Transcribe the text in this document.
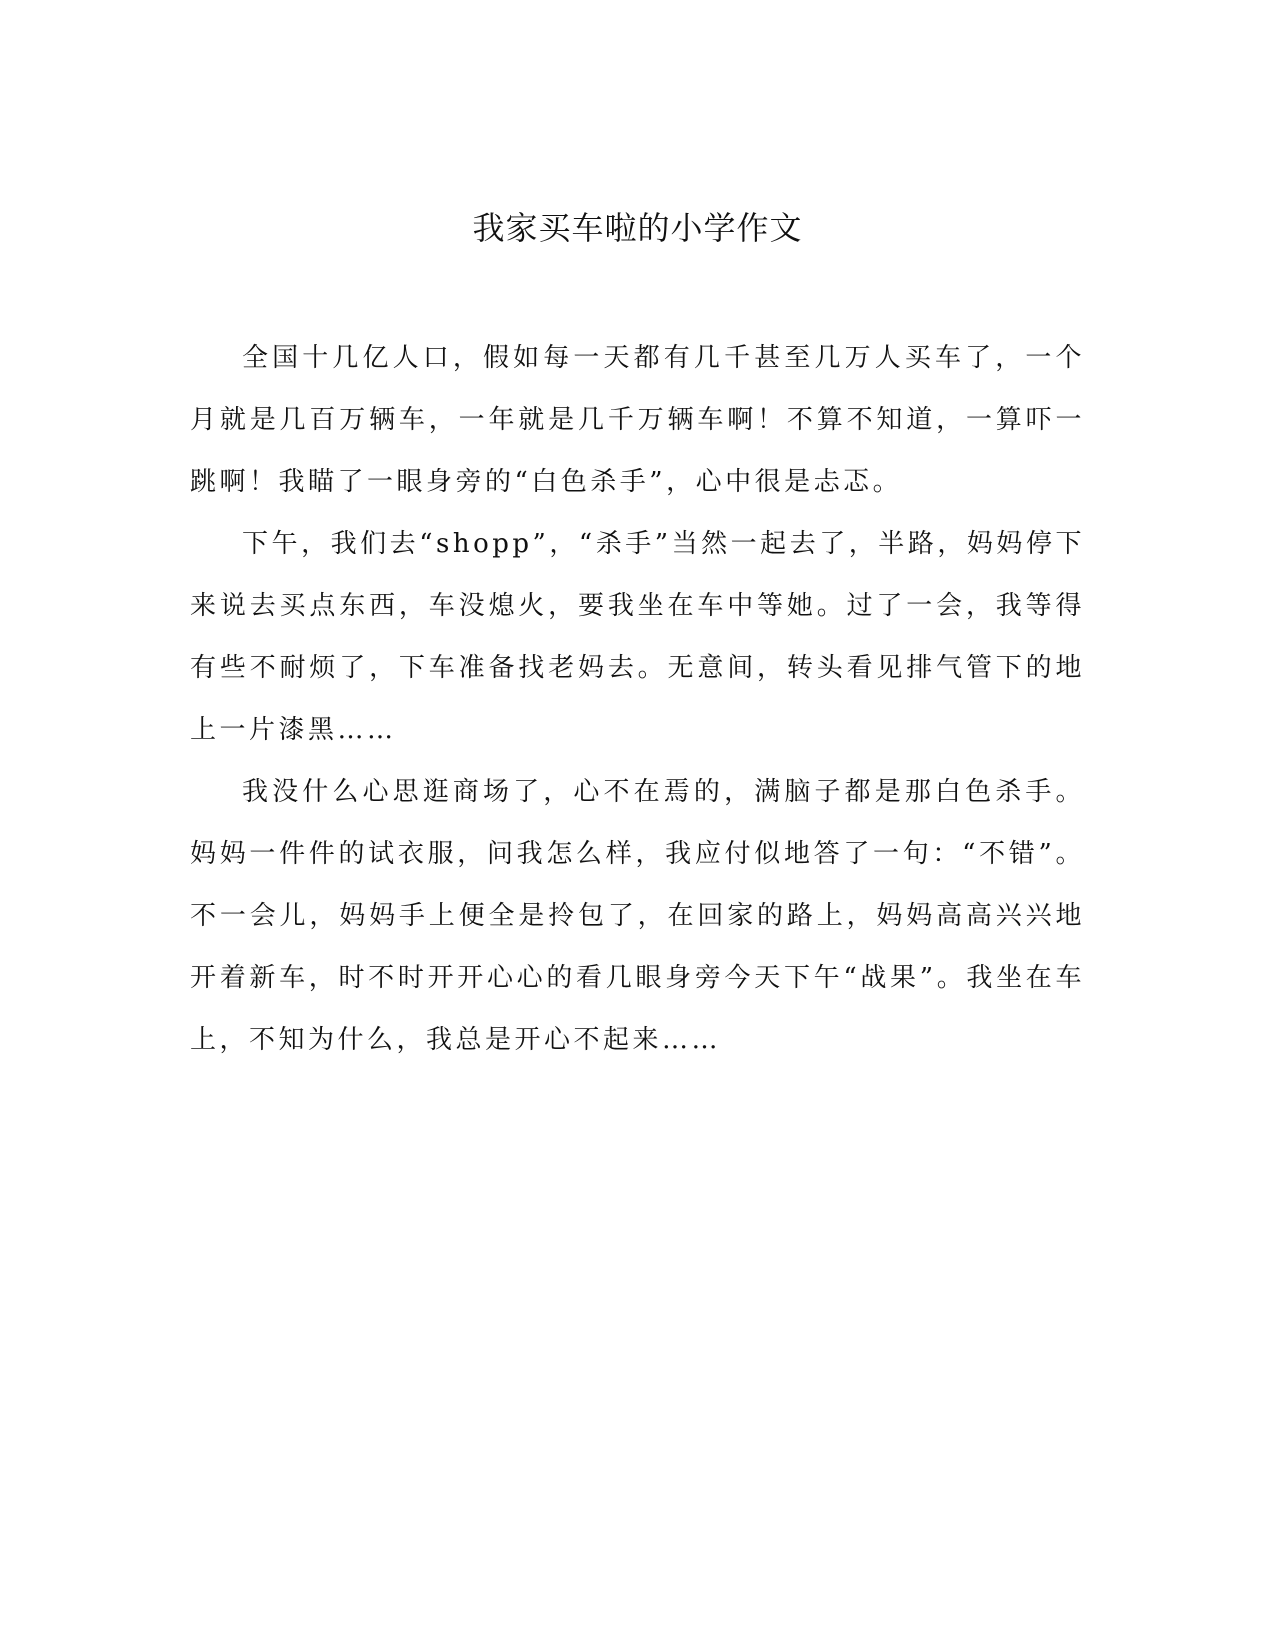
我家买车啦的小学作文

全国十几亿人口，假如每一天都有几千甚至几万人买车了，一个月就是几百万辆车，一年就是几千万辆车啊！不算不知道，一算吓一跳啊！我瞄了一眼身旁的“白色杀手”，心中很是忐忑。

下午，我们去“shopp”，“杀手”当然一起去了，半路，妈妈停下来说去买点东西，车没熄火，要我坐在车中等她。过了一会，我等得有些不耐烦了，下车准备找老妈去。无意间，转头看见排气管下的地上一片漆黑……

我没什么心思逛商场了，心不在焉的，满脑子都是那白色杀手。妈妈一件件的试衣服，问我怎么样，我应付似地答了一句：“不错”。不一会儿，妈妈手上便全是拎包了，在回家的路上，妈妈高高兴兴地开着新车，时不时开开心心的看几眼身旁今天下午“战果”。我坐在车上，不知为什么，我总是开心不起来……
